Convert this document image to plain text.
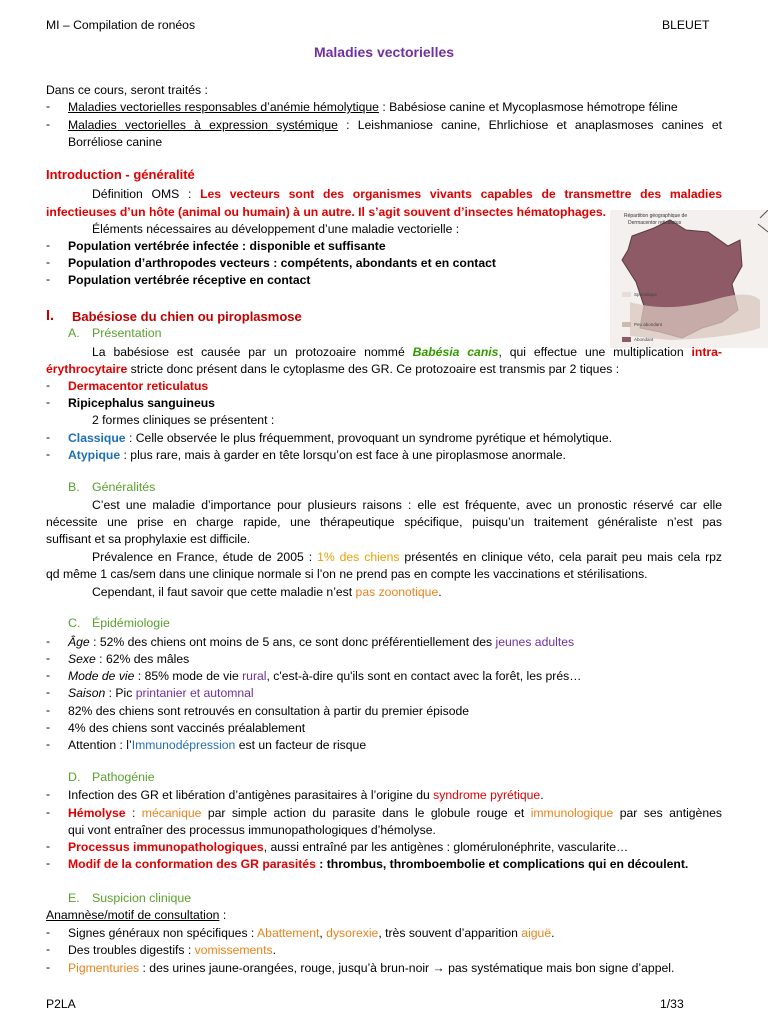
MI – Compilation de ronéos	BLEUET
Maladies vectorielles
Dans ce cours, seront traités :
-	Maladies vectorielles responsables d’anémie hémolytique : Babésiose canine et Mycoplasmose hémotrope féline
-	Maladies vectorielles à expression systémique : Leishmaniose canine, Ehrlichiose et anaplasmoses canines et
Borréliose canine
Introduction - généralité
Définition OMS : Les vecteurs sont des organismes vivants capables de transmettre des maladies
infectieuses d’un hôte (animal ou humain) à un autre. Il s’agit souvent d’insectes hématophages.
Éléments nécessaires au développement d’une maladie vectorielle :
-	Population vertébrée infectée : disponible et suffisante
-	Population d’arthropodes vecteurs : compétents, abondants et en contact
-	Population vertébrée réceptive en contact
Répartition géographique de
Dermacentor reticulatus
Sporadique
Peu abondant
Abondant
I. Babésiose du chien ou piroplasmose
A. Présentation
La babésiose est causée par un protozoaire nommé Babésia canis, qui effectue une multiplication intra-
érythrocytaire stricte donc présent dans le cytoplasme des GR. Ce protozoaire est transmis par 2 tiques :
-	Dermacentor reticulatus
-	Ripicephalus sanguineus
2 formes cliniques se présentent :
-	Classique : Celle observée le plus fréquemment, provoquant un syndrome pyrétique et hémolytique.
-	Atypique : plus rare, mais à garder en tête lorsqu’on est face à une piroplasmose anormale.
B. Généralités
C’est une maladie d’importance pour plusieurs raisons : elle est fréquente, avec un pronostic réservé car elle
nécessite une prise en charge rapide, une thérapeutique spécifique, puisqu’un traitement généraliste n’est pas
suffisant et sa prophylaxie est difficile.
Prévalence en France, étude de 2005 : 1% des chiens présentés en clinique véto, cela parait peu mais cela rpz
qd même 1 cas/sem dans une clinique normale si l’on ne prend pas en compte les vaccinations et stérilisations.
Cependant, il faut savoir que cette maladie n’est pas zoonotique.
C. Épidémiologie
-	Âge : 52% des chiens ont moins de 5 ans, ce sont donc préférentiellement des jeunes adultes
-	Sexe : 62% des mâles
-	Mode de vie : 85% mode de vie rural, c'est-à-dire qu'ils sont en contact avec la forêt, les prés…
-	Saison : Pic printanier et automnal
-	82% des chiens sont retrouvés en consultation à partir du premier épisode
-	4% des chiens sont vaccinés préalablement
-	Attention : l’Immunodépression est un facteur de risque
D. Pathogénie
-	Infection des GR et libération d’antigènes parasitaires à l’origine du syndrome pyrétique.
-	Hémolyse : mécanique par simple action du parasite dans le globule rouge et immunologique par ses antigènes
qui vont entraîner des processus immunopathologiques d’hémolyse.
-	Processus immunopathologiques, aussi entraîné par les antigènes : glomérulonéphrite, vascularite…
-	Modif de la conformation des GR parasités : thrombus, thromboembolie et complications qui en découlent.
E. Suspicion clinique
Anamnèse/motif de consultation :
-	Signes généraux non spécifiques : Abattement, dysorexie, très souvent d’apparition aiguë.
-	Des troubles digestifs : vomissements.
-	Pigmenturies : des urines jaune-orangées, rouge, jusqu’à brun-noir → pas systématique mais bon signe d’appel.
P2LA	1/33
